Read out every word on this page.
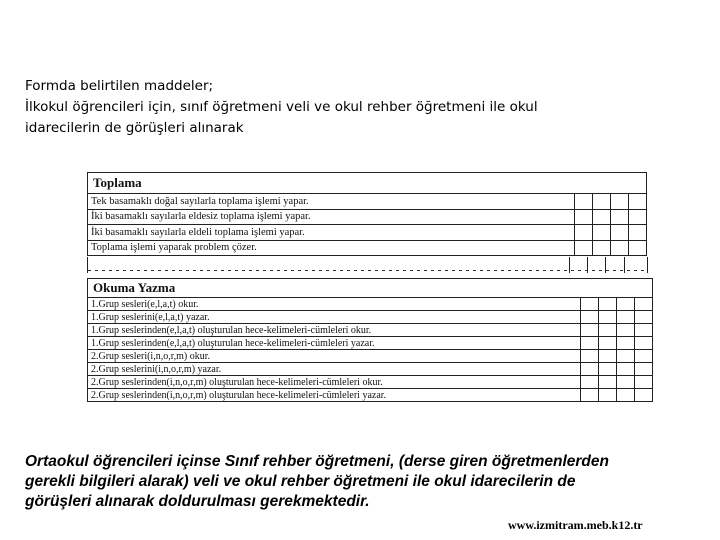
Formda belirtilen maddeler;
İlkokul öğrencileri için, sınıf öğretmeni veli ve okul rehber öğretmeni ile okul
idarecilerin de görüşleri alınarak
Toplama				
Tek basamaklı doğal sayılarla toplama işlemi yapar.				
İki basamaklı sayılarla eldesiz toplama işlemi yapar.				
İki basamaklı sayılarla eldeli toplama işlemi yapar.				
Toplama işlemi yaparak problem çözer.				
Okuma Yazma				
1.Grup sesleri(e,l,a,t) okur.				
1.Grup seslerini(e,l,a,t) yazar.				
1.Grup seslerinden(e,l,a,t) oluşturulan hece-kelimeleri-cümleleri okur.				
1.Grup seslerinden(e,l,a,t) oluşturulan hece-kelimeleri-cümleleri yazar.				
2.Grup sesleri(i,n,o,r,m) okur.				
2.Grup seslerini(i,n,o,r,m) yazar.				
2.Grup seslerinden(i,n,o,r,m) oluşturulan hece-kelimeleri-cümleleri okur.				
2.Grup seslerinden(i,n,o,r,m) oluşturulan hece-kelimeleri-cümleleri yazar.				
Ortaokul öğrencileri içinse Sınıf rehber öğretmeni, (derse giren öğretmenlerden
gerekli bilgileri alarak) veli ve okul rehber öğretmeni ile okul idarecilerin de
görüşleri alınarak doldurulması gerekmektedir.
www.izmitram.meb.k12.tr
